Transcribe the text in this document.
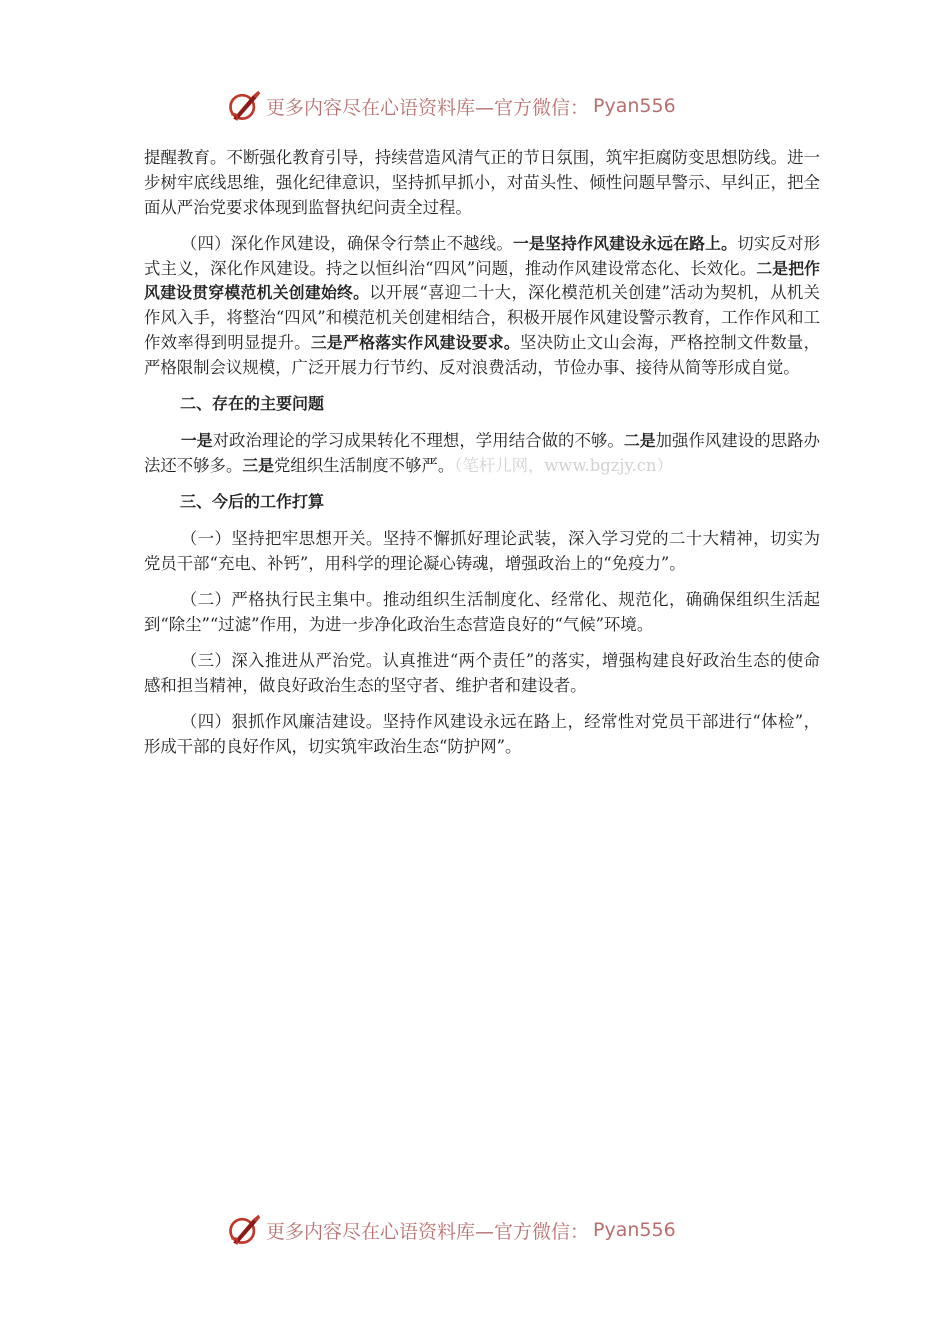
更多内容尽在心语资料库—官方微信： Pyan556

提醒教育。不断强化教育引导，持续营造风清气正的节日氛围，筑牢拒腐防变思想防线。进一步树牢底线思维，强化纪律意识，坚持抓早抓小，对苗头性、倾性问题早警示、早纠正，把全面从严治党要求体现到监督执纪问责全过程。

（四）深化作风建设，确保令行禁止不越线。一是坚持作风建设永远在路上。切实反对形式主义，深化作风建设。持之以恒纠治“四风”问题，推动作风建设常态化、长效化。二是把作风建设贯穿模范机关创建始终。以开展“喜迎二十大，深化模范机关创建”活动为契机，从机关作风入手，将整治“四风”和模范机关创建相结合，积极开展作风建设警示教育，工作作风和工作效率得到明显提升。三是严格落实作风建设要求。坚决防止文山会海，严格控制文件数量，严格限制会议规模，广泛开展力行节约、反对浪费活动，节俭办事、接待从简等形成自觉。

二、存在的主要问题

一是对政治理论的学习成果转化不理想，学用结合做的不够。二是加强作风建设的思路办法还不够多。三是党组织生活制度不够严。（笔杆儿网，www.bgzjy.cn）

三、今后的工作打算

（一）坚持把牢思想开关。坚持不懈抓好理论武装，深入学习党的二十大精神，切实为党员干部“充电、补钙”，用科学的理论凝心铸魂，增强政治上的“免疫力”。

（二）严格执行民主集中。推动组织生活制度化、经常化、规范化，确确保组织生活起到“除尘”“过滤”作用，为进一步净化政治生态营造良好的“气候”环境。

（三）深入推进从严治党。认真推进“两个责任”的落实，增强构建良好政治生态的使命感和担当精神，做良好政治生态的坚守者、维护者和建设者。

（四）狠抓作风廉洁建设。坚持作风建设永远在路上，经常性对党员干部进行“体检”，形成干部的良好作风，切实筑牢政治生态“防护网”。

更多内容尽在心语资料库—官方微信： Pyan556
